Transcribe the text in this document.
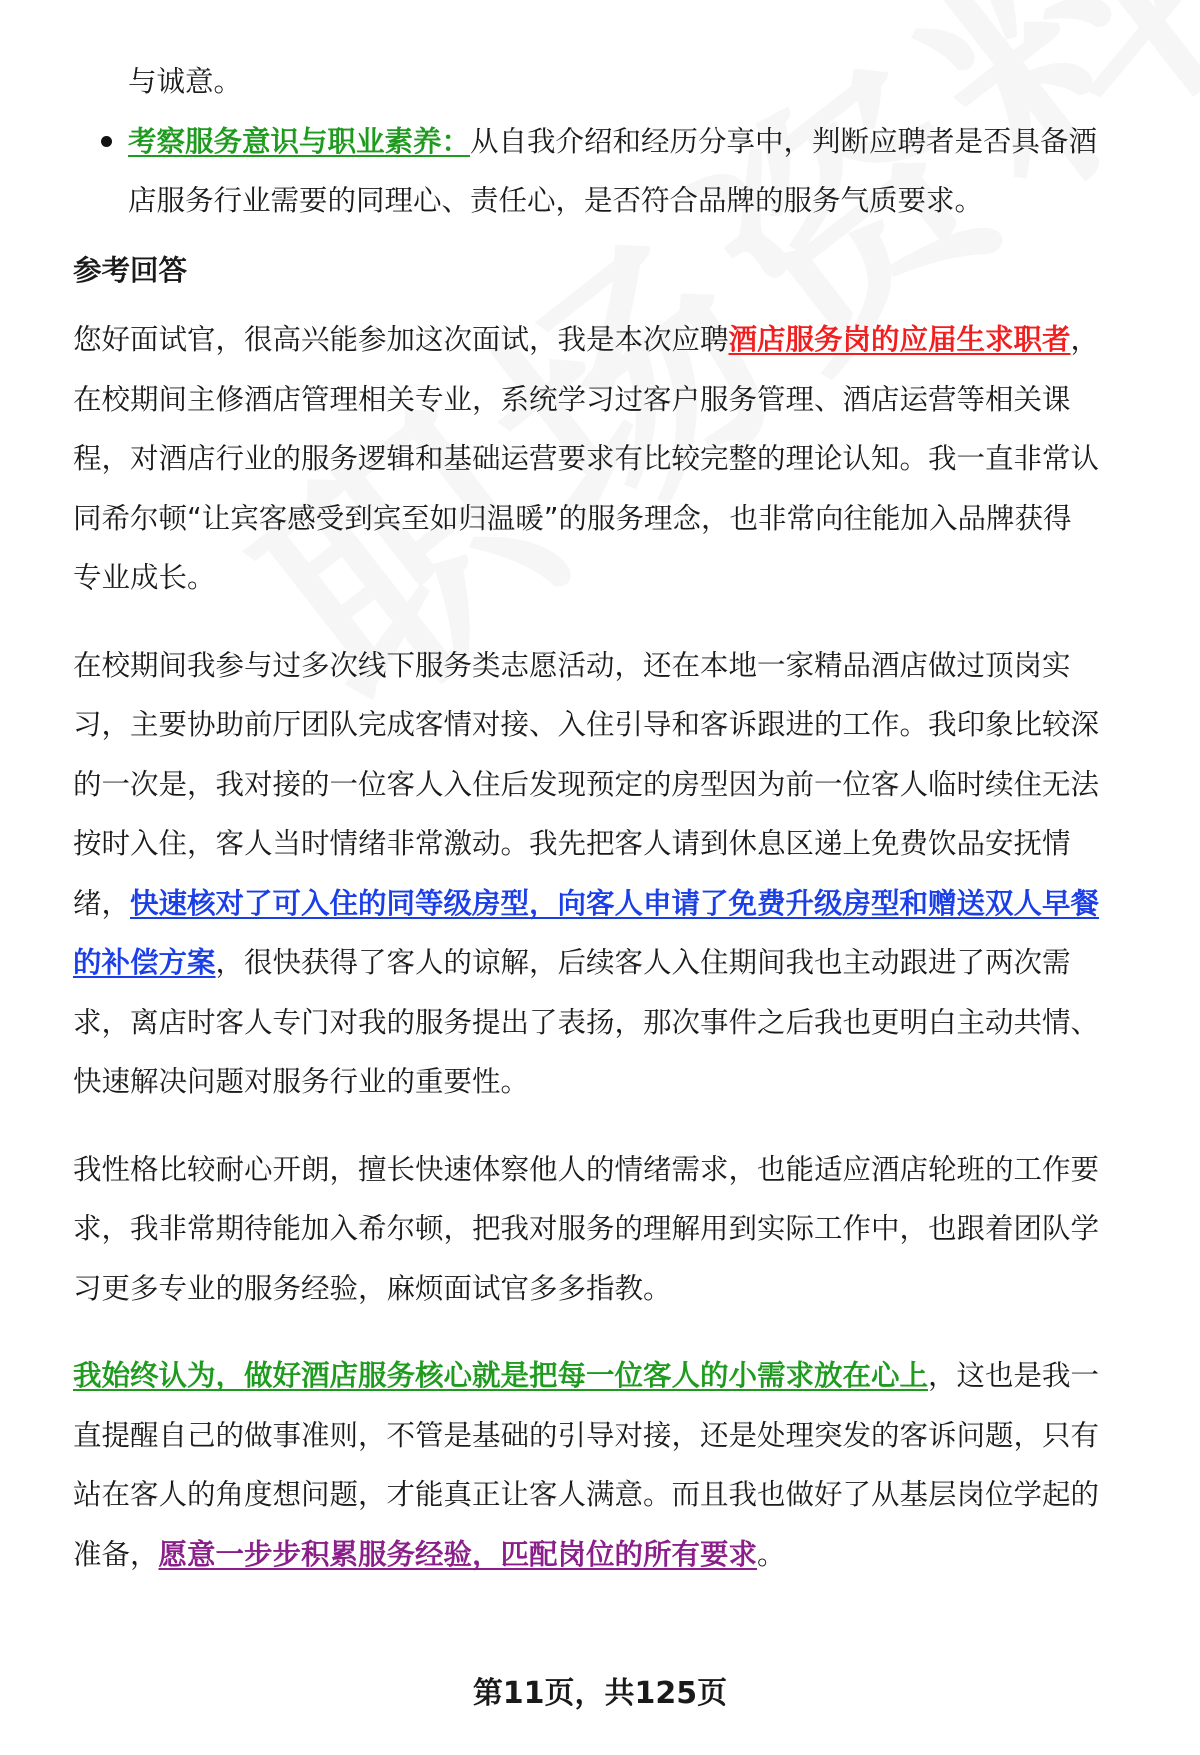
与诚意。
考察服务意识与职业素养：从自我介绍和经历分享中，判断应聘者是否具备酒
店服务行业需要的同理心、责任心，是否符合品牌的服务气质要求。
参考回答
您好面试官，很高兴能参加这次面试，我是本次应聘酒店服务岗的应届生求职者，
在校期间主修酒店管理相关专业，系统学习过客户服务管理、酒店运营等相关课
程，对酒店行业的服务逻辑和基础运营要求有比较完整的理论认知。我一直非常认
同希尔顿“让宾客感受到宾至如归温暖”的服务理念，也非常向往能加入品牌获得
专业成长。
在校期间我参与过多次线下服务类志愿活动，还在本地一家精品酒店做过顶岗实
习，主要协助前厅团队完成客情对接、入住引导和客诉跟进的工作。我印象比较深
的一次是，我对接的一位客人入住后发现预定的房型因为前一位客人临时续住无法
按时入住，客人当时情绪非常激动。我先把客人请到休息区递上免费饮品安抚情
绪，快速核对了可入住的同等级房型，向客人申请了免费升级房型和赠送双人早餐
的补偿方案，很快获得了客人的谅解，后续客人入住期间我也主动跟进了两次需
求，离店时客人专门对我的服务提出了表扬，那次事件之后我也更明白主动共情、
快速解决问题对服务行业的重要性。
我性格比较耐心开朗，擅长快速体察他人的情绪需求，也能适应酒店轮班的工作要
求，我非常期待能加入希尔顿，把我对服务的理解用到实际工作中，也跟着团队学
习更多专业的服务经验，麻烦面试官多多指教。
我始终认为，做好酒店服务核心就是把每一位客人的小需求放在心上，这也是我一
直提醒自己的做事准则，不管是基础的引导对接，还是处理突发的客诉问题，只有
站在客人的角度想问题，才能真正让客人满意。而且我也做好了从基层岗位学起的
准备，愿意一步步积累服务经验，匹配岗位的所有要求。
第11页，共125页
